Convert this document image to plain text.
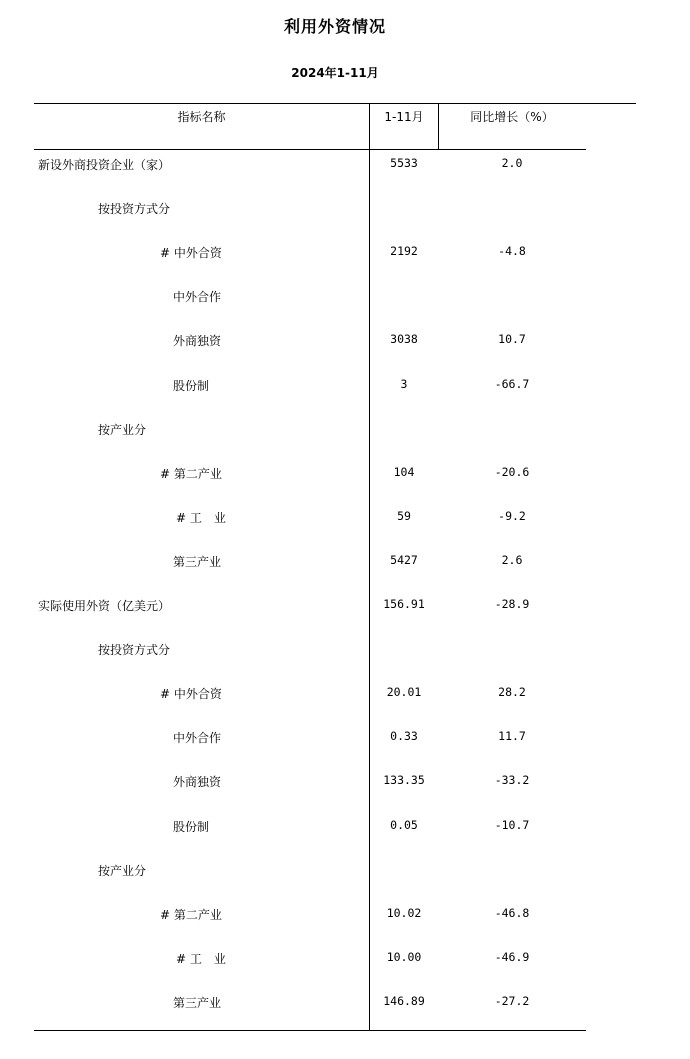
利用外资情况
2024年1-11月
指标名称	1-11月	同比增长（%）
新设外商投资企业（家）	5533	2.0
按投资方式分
# 中外合资	2192	-4.8
中外合作
外商独资	3038	10.7
股份制	3	-66.7
按产业分
# 第二产业	104	-20.6
# 工　业	59	-9.2
第三产业	5427	2.6
实际使用外资（亿美元）	156.91	-28.9
按投资方式分
# 中外合资	20.01	28.2
中外合作	0.33	11.7
外商独资	133.35	-33.2
股份制	0.05	-10.7
按产业分
# 第二产业	10.02	-46.8
# 工　业	10.00	-46.9
第三产业	146.89	-27.2
